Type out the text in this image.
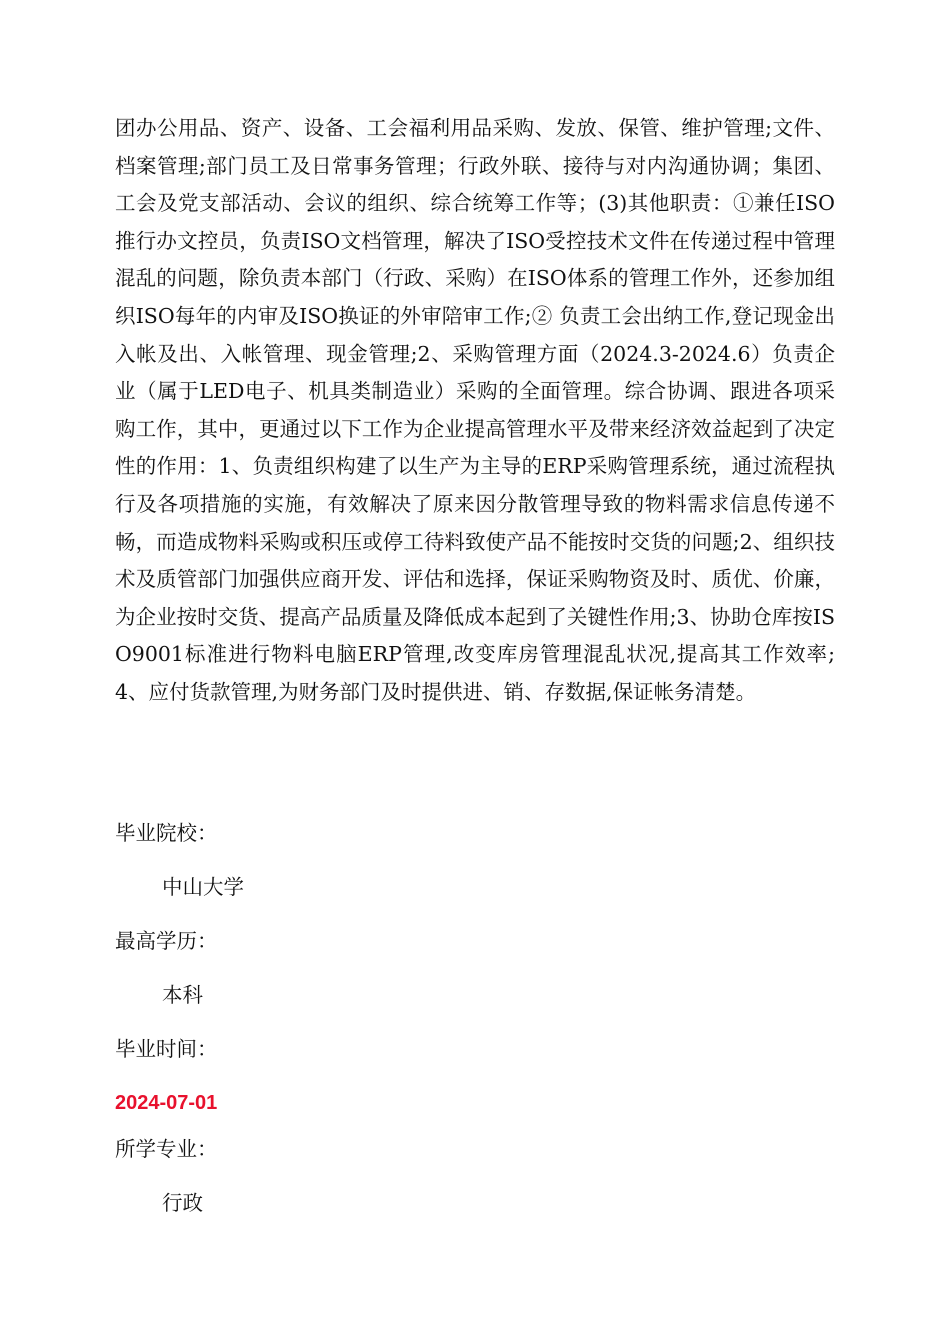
团办公用品、资产、设备、工会福利用品采购、发放、保管、维护管理;文件、档案管理;部门员工及日常事务管理；行政外联、接待与对内沟通协调；集团、工会及党支部活动、会议的组织、综合统筹工作等；(3)其他职责：①兼任ISO推行办文控员，负责ISO文档管理，解决了ISO受控技术文件在传递过程中管理混乱的问题，除负责本部门（行政、采购）在ISO体系的管理工作外，还参加组织ISO每年的内审及ISO换证的外审陪审工作;② 负责工会出纳工作,登记现金出入帐及出、入帐管理、现金管理;2、采购管理方面（2024.3-2024.6）负责企业（属于LED电子、机具类制造业）采购的全面管理。综合协调、跟进各项采购工作，其中，更通过以下工作为企业提高管理水平及带来经济效益起到了决定性的作用：1、负责组织构建了以生产为主导的ERP采购管理系统，通过流程执行及各项措施的实施，有效解决了原来因分散管理导致的物料需求信息传递不畅，而造成物料采购或积压或停工待料致使产品不能按时交货的问题;2、组织技术及质管部门加强供应商开发、评估和选择，保证采购物资及时、质优、价廉，为企业按时交货、提高产品质量及降低成本起到了关键性作用;3、协助仓库按ISO9001标准进行物料电脑ERP管理,改变库房管理混乱状况,提高其工作效率;4、应付货款管理,为财务部门及时提供进、销、存数据,保证帐务清楚。

毕业院校：

中山大学

最高学历：

本科

毕业时间：

2024-07-01

所学专业：

行政
